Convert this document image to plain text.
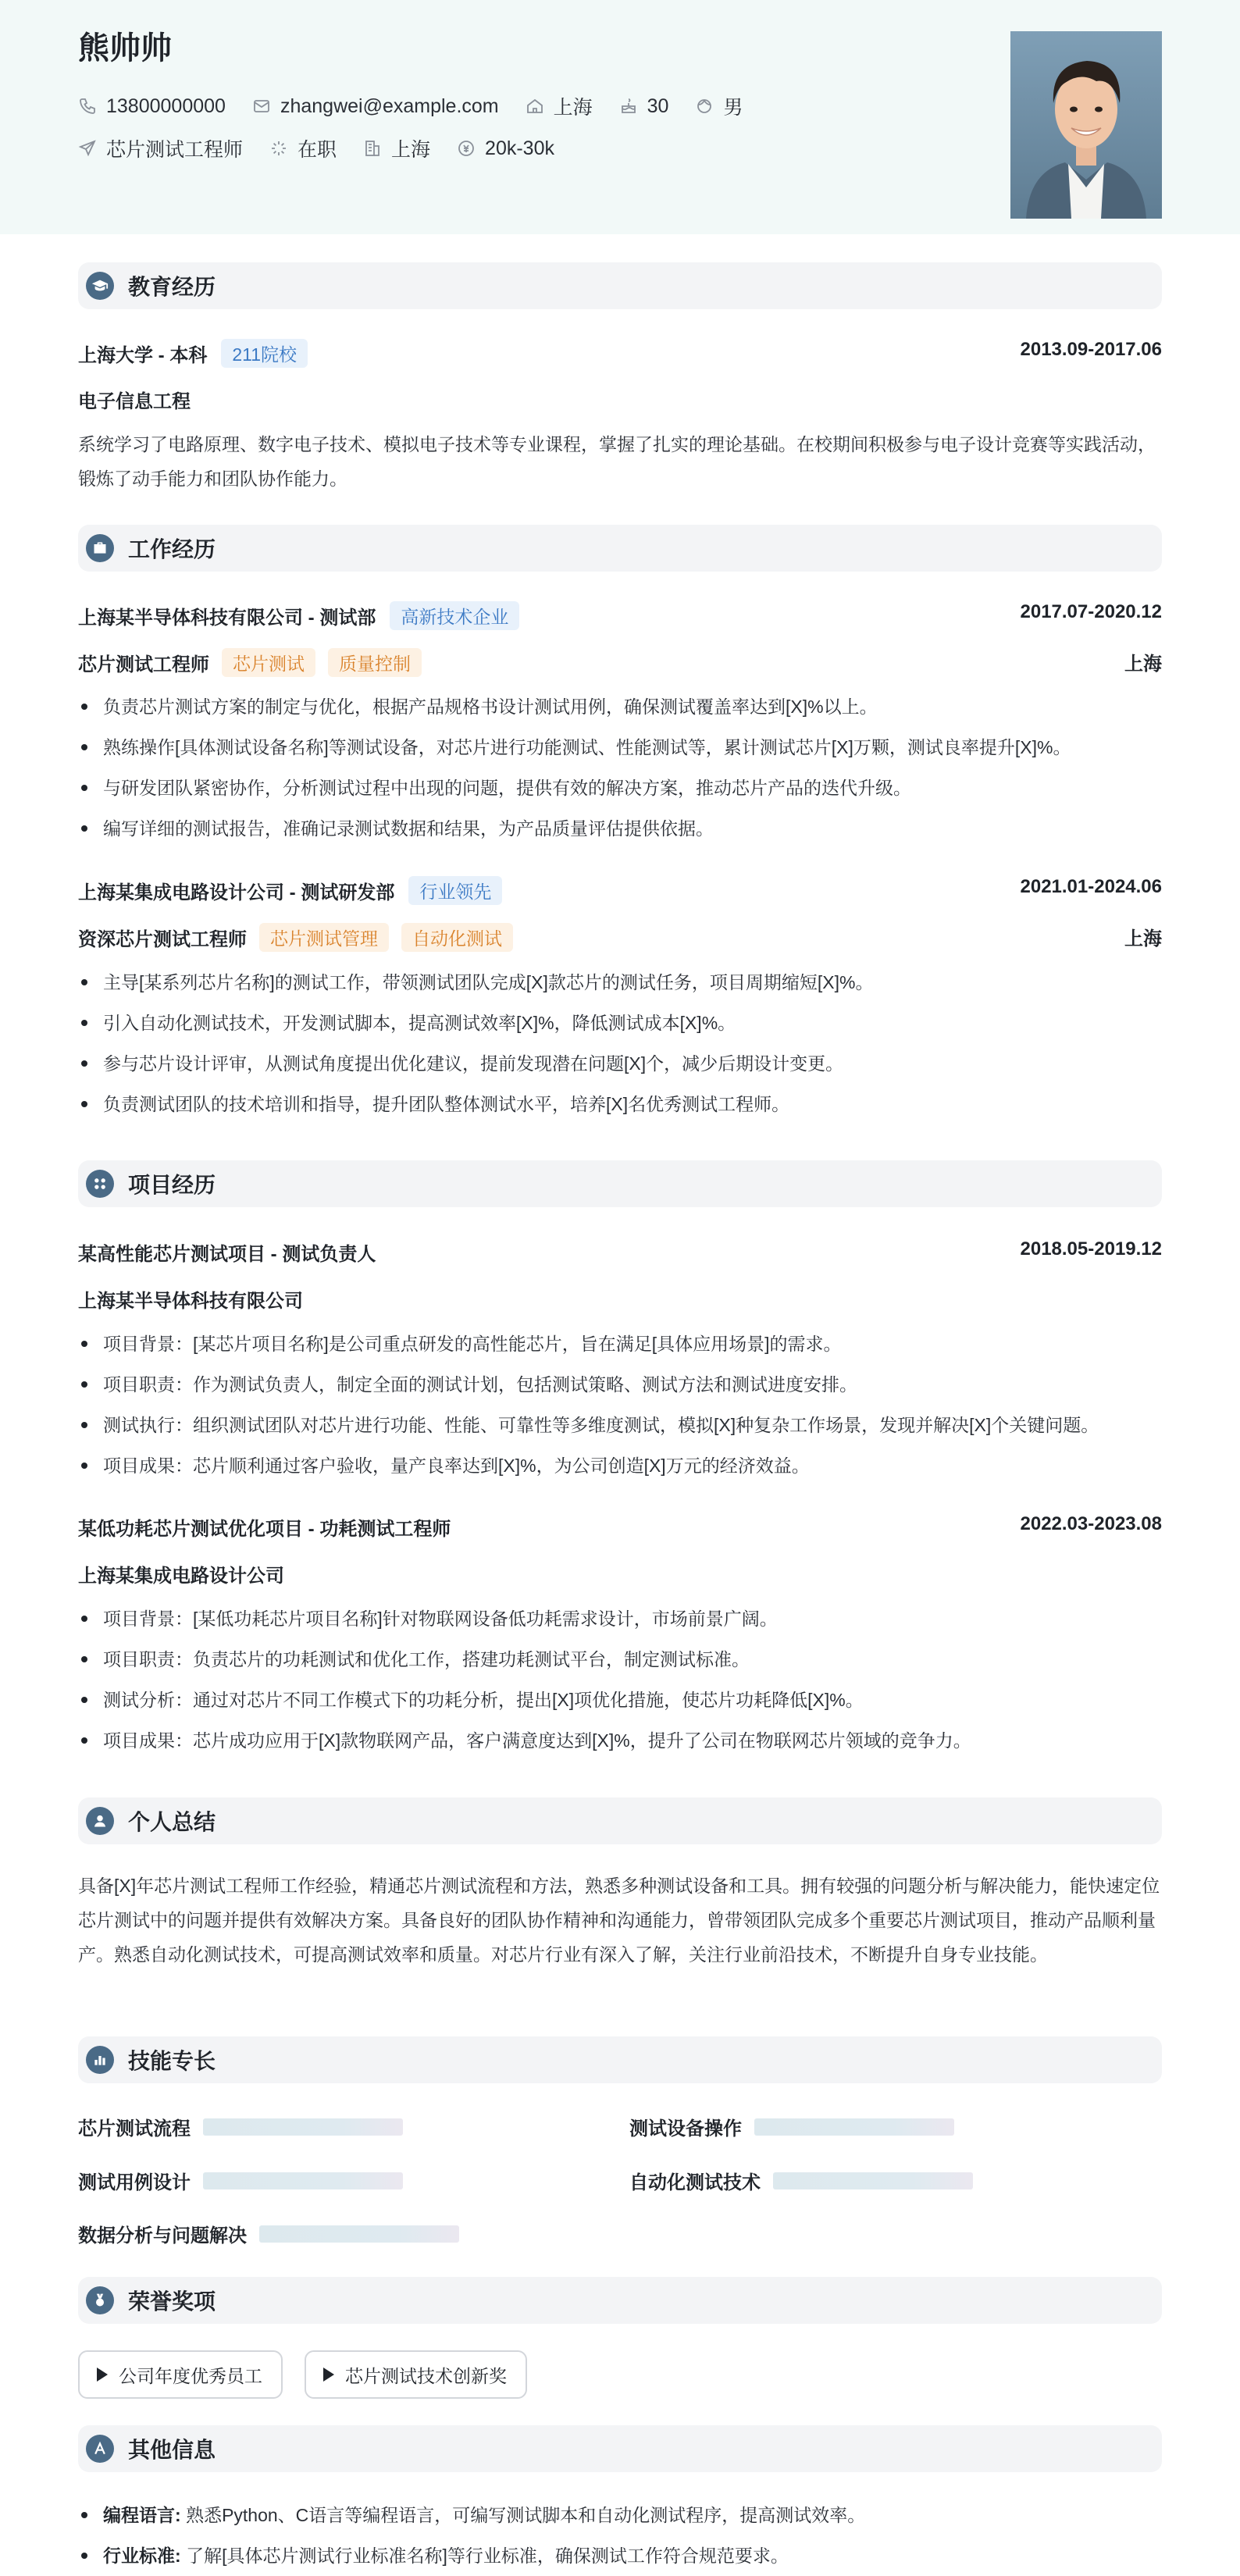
熊帅帅
13800000000	zhangwei@example.com	上海	30	男
芯片测试工程师	在职	上海	20k-30k
教育经历
上海大学 - 本科	211院校	2013.09-2017.06
电子信息工程
系统学习了电路原理、数字电子技术、模拟电子技术等专业课程，掌握了扎实的理论基础。在校期间积极参与电子设计竞赛等实践活动，锻炼了动手能力和团队协作能力。
工作经历
上海某半导体科技有限公司 - 测试部	高新技术企业	2017.07-2020.12
芯片测试工程师	芯片测试	质量控制	上海
负责芯片测试方案的制定与优化，根据产品规格书设计测试用例，确保测试覆盖率达到[X]%以上。
熟练操作[具体测试设备名称]等测试设备，对芯片进行功能测试、性能测试等，累计测试芯片[X]万颗，测试良率提升[X]%。
与研发团队紧密协作，分析测试过程中出现的问题，提供有效的解决方案，推动芯片产品的迭代升级。
编写详细的测试报告，准确记录测试数据和结果，为产品质量评估提供依据。
上海某集成电路设计公司 - 测试研发部	行业领先	2021.01-2024.06
资深芯片测试工程师	芯片测试管理	自动化测试	上海
主导[某系列芯片名称]的测试工作，带领测试团队完成[X]款芯片的测试任务，项目周期缩短[X]%。
引入自动化测试技术，开发测试脚本，提高测试效率[X]%，降低测试成本[X]%。
参与芯片设计评审，从测试角度提出优化建议，提前发现潜在问题[X]个，减少后期设计变更。
负责测试团队的技术培训和指导，提升团队整体测试水平，培养[X]名优秀测试工程师。
项目经历
某高性能芯片测试项目 - 测试负责人	2018.05-2019.12
上海某半导体科技有限公司
项目背景：[某芯片项目名称]是公司重点研发的高性能芯片，旨在满足[具体应用场景]的需求。
项目职责：作为测试负责人，制定全面的测试计划，包括测试策略、测试方法和测试进度安排。
测试执行：组织测试团队对芯片进行功能、性能、可靠性等多维度测试，模拟[X]种复杂工作场景，发现并解决[X]个关键问题。
项目成果：芯片顺利通过客户验收，量产良率达到[X]%，为公司创造[X]万元的经济效益。
某低功耗芯片测试优化项目 - 功耗测试工程师	2022.03-2023.08
上海某集成电路设计公司
项目背景：[某低功耗芯片项目名称]针对物联网设备低功耗需求设计，市场前景广阔。
项目职责：负责芯片的功耗测试和优化工作，搭建功耗测试平台，制定测试标准。
测试分析：通过对芯片不同工作模式下的功耗分析，提出[X]项优化措施，使芯片功耗降低[X]%。
项目成果：芯片成功应用于[X]款物联网产品，客户满意度达到[X]%，提升了公司在物联网芯片领域的竞争力。
个人总结
具备[X]年芯片测试工程师工作经验，精通芯片测试流程和方法，熟悉多种测试设备和工具。拥有较强的问题分析与解决能力，能快速定位芯片测试中的问题并提供有效解决方案。具备良好的团队协作精神和沟通能力，曾带领团队完成多个重要芯片测试项目，推动产品顺利量产。熟悉自动化测试技术，可提高测试效率和质量。对芯片行业有深入了解，关注行业前沿技术，不断提升自身专业技能。
技能专长
芯片测试流程	测试设备操作
测试用例设计	自动化测试技术
数据分析与问题解决
荣誉奖项
公司年度优秀员工	芯片测试技术创新奖
其他信息
编程语言: 熟悉Python、C语言等编程语言，可编写测试脚本和自动化测试程序，提高测试效率。
行业标准: 了解[具体芯片测试行业标准名称]等行业标准，确保测试工作符合规范要求。
